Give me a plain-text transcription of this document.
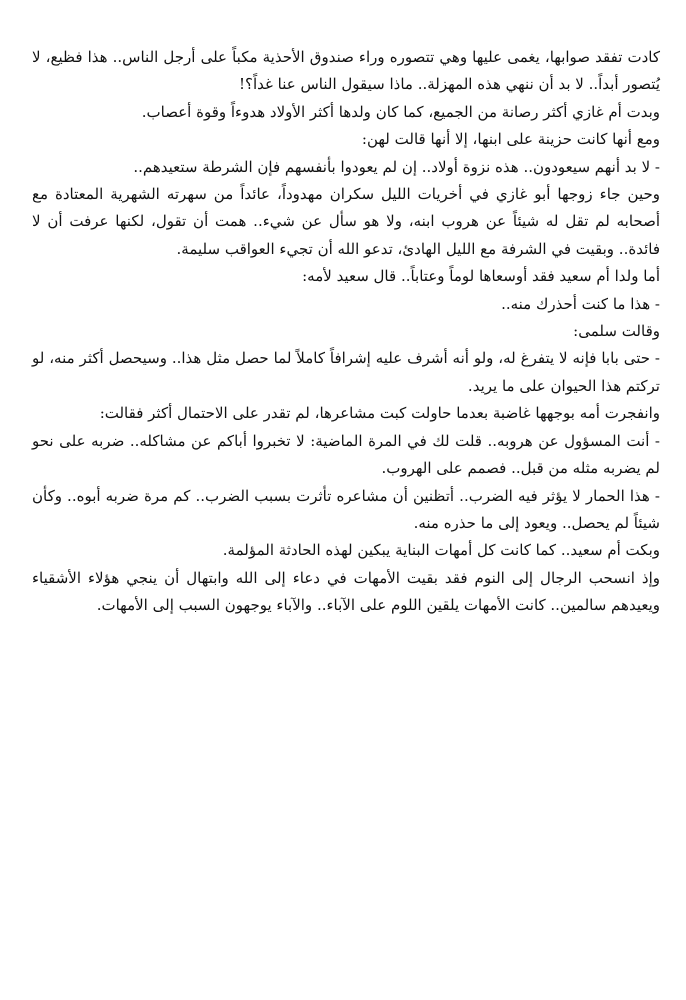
كادت تفقد صوابها، يغمى عليها وهي تتصوره وراء صندوق الأحذية مكباً على أرجل الناس.. هذا فظيع، لا يُتصور أبداً.. لا بد أن ننهي هذه المهزلة.. ماذا سيقول الناس عنا غداً؟!

وبدت أم غازي أكثر رصانة من الجميع، كما كان ولدها أكثر الأولاد هدوءاً وقوة أعصاب.

ومع أنها كانت حزينة على ابنها، إلا أنها قالت لهن:

- لا بد أنهم سيعودون.. هذه نزوة أولاد.. إن لم يعودوا بأنفسهم فإن الشرطة ستعيدهم..

وحين جاء زوجها أبو غازي في أخريات الليل سكران مهدوداً، عائداً من سهرته الشهرية المعتادة مع أصحابه لم تقل له شيئاً عن هروب ابنه، ولا هو سأل عن شيء.. همت أن تقول، لكنها عرفت أن لا فائدة.. وبقيت في الشرفة مع الليل الهادئ، تدعو الله أن تجيء العواقب سليمة.

أما ولدا أم سعيد فقد أوسعاها لوماً وعتاباً.. قال سعيد لأمه:

- هذا ما كنت أحذرك منه..

وقالت سلمى:

- حتى بابا فإنه لا يتفرغ له، ولو أنه أشرف عليه إشرافاً كاملاً لما حصل مثل هذا.. وسيحصل أكثر منه، لو تركتم هذا الحيوان على ما يريد.

وانفجرت أمه بوجهها غاضبة بعدما حاولت كبت مشاعرها، لم تقدر على الاحتمال أكثر فقالت:

- أنت المسؤول عن هروبه.. قلت لك في المرة الماضية: لا تخبروا أباكم عن مشاكله.. ضربه على نحو لم يضربه مثله من قبل.. فصمم على الهروب.

- هذا الحمار لا يؤثر فيه الضرب.. أتظنين أن مشاعره تأثرت بسبب الضرب.. كم مرة ضربه أبوه.. وكأن شيئاً لم يحصل.. ويعود إلى ما حذره منه.

وبكت أم سعيد.. كما كانت كل أمهات البناية يبكين لهذه الحادثة المؤلمة.

وإذ انسحب الرجال إلى النوم فقد بقيت الأمهات في دعاء إلى الله وابتهال أن ينجي هؤلاء الأشقياء ويعيدهم سالمين.. كانت الأمهات يلقين اللوم على الآباء.. والآباء يوجهون السبب إلى الأمهات.
